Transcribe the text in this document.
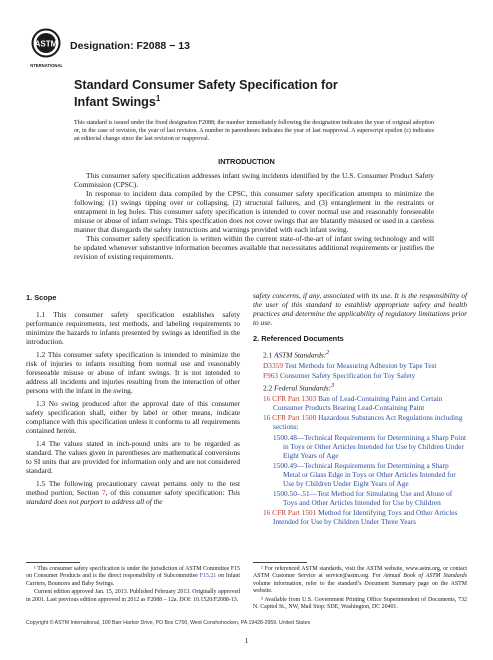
ASTM
INTERNATIONAL
Designation: F2088 − 13
Standard Consumer Safety Specification for
Infant Swings$^1$
This standard is issued under the fixed designation F2088; the number immediately following the designation indicates the year of original adoption or, in the case of revision, the year of last revision. A number in parentheses indicates the year of last reapproval. A superscript epsilon (ε) indicates an editorial change since the last revision or reapproval.
INTRODUCTION

This consumer safety specification addresses infant swing incidents identified by the U.S. Consumer Product Safety Commission (CPSC).

In response to incident data compiled by the CPSC, this consumer safety specification attempts to minimize the following: (1) swings tipping over or collapsing, (2) structural failures, and (3) entanglement in the restraints or entrapment in leg holes. This consumer safety specification is intended to cover normal use and reasonably foreseeable misuse or abuse of infant swings. This specification does not cover swings that are blatantly misused or used in a careless manner that disregards the safety instructions and warnings provided with each infant swing.

This consumer safety specification is written within the current state-of-the-art of infant swing technology and will be updated whenever substantive information becomes available that necessitates additional requirements or justifies the revision of existing requirements.

1. Scope

1.1 This consumer safety specification establishes safety performance requirements, test methods, and labeling requirements to minimize the hazards to infants presented by swings as identified in the introduction.

1.2 This consumer safety specification is intended to minimize the risk of injuries to infants resulting from normal use and reasonably foreseeable misuse or abuse of infant swings. It is not intended to address all incidents and injuries resulting from the interaction of other persons with the infant in the swing.

1.3 No swing produced after the approval date of this consumer safety specification shall, either by label or other means, indicate compliance with this specification unless it conforms to all requirements contained herein.

1.4 The values stated in inch-pound units are to be regarded as standard. The values given in parentheses are mathematical conversions to SI units that are provided for information only and are not considered standard.

1.5 The following precautionary caveat pertains only to the test method portion, Section 7, of this consumer safety specification: This standard does not purport to address all of the

safety concerns, if any, associated with its use. It is the responsibility of the user of this standard to establish appropriate safety and health practices and determine the applicability of regulatory limitations prior to use.

2. Referenced Documents
2.1 ASTM Standards:$^2$
D3359 Test Methods for Measuring Adhesion by Tape Test
F963 Consumer Safety Specification for Toy Safety
2.2 Federal Standards:$^3$
16 CFR Part 1303 Ban of Lead-Containing Paint and Certain Consumer Products Bearing Lead-Containing Paint
16 CFR Part 1500 Hazardous Substances Act Regulations including sections:
1500.48—Technical Requirements for Determining a Sharp Point in Toys or Other Articles Intended for Use by Children Under Eight Years of Age
1500.49—Technical Requirements for Determining a Sharp Metal or Glass Edge in Toys or Other Articles Intended for Use by Children Under Eight Years of Age
1500.50–.51—Test Method for Simulating Use and Abuse of Toys and Other Articles Intended for Use by Children
16 CFR Part 1501 Method for Identifying Toys and Other Articles Intended for Use by Children Under Three Years

¹ This consumer safety specification is under the jurisdiction of ASTM Committee F15 on Consumer Products and is the direct responsibility of Subcommittee F15.21 on Infant Carriers, Bouncers and Baby Swings.

Current edition approved Jan. 15, 2013. Published February 2013. Originally approved in 2001. Last previous edition approved in 2012 as F2088 – 12a. DOI: 10.1520/F2088-13.

² For referenced ASTM standards, visit the ASTM website, www.astm.org, or contact ASTM Customer Service at service@astm.org. For Annual Book of ASTM Standards volume information, refer to the standard’s Document Summary page on the ASTM website.

³ Available from U.S. Government Printing Office Superintendent of Documents, 732 N. Capitol St., NW, Mail Stop: SDE, Washington, DC 20401.

Copyright © ASTM International, 100 Barr Harbor Drive, PO Box C700, West Conshohocken, PA 19428-2959. United States
1
